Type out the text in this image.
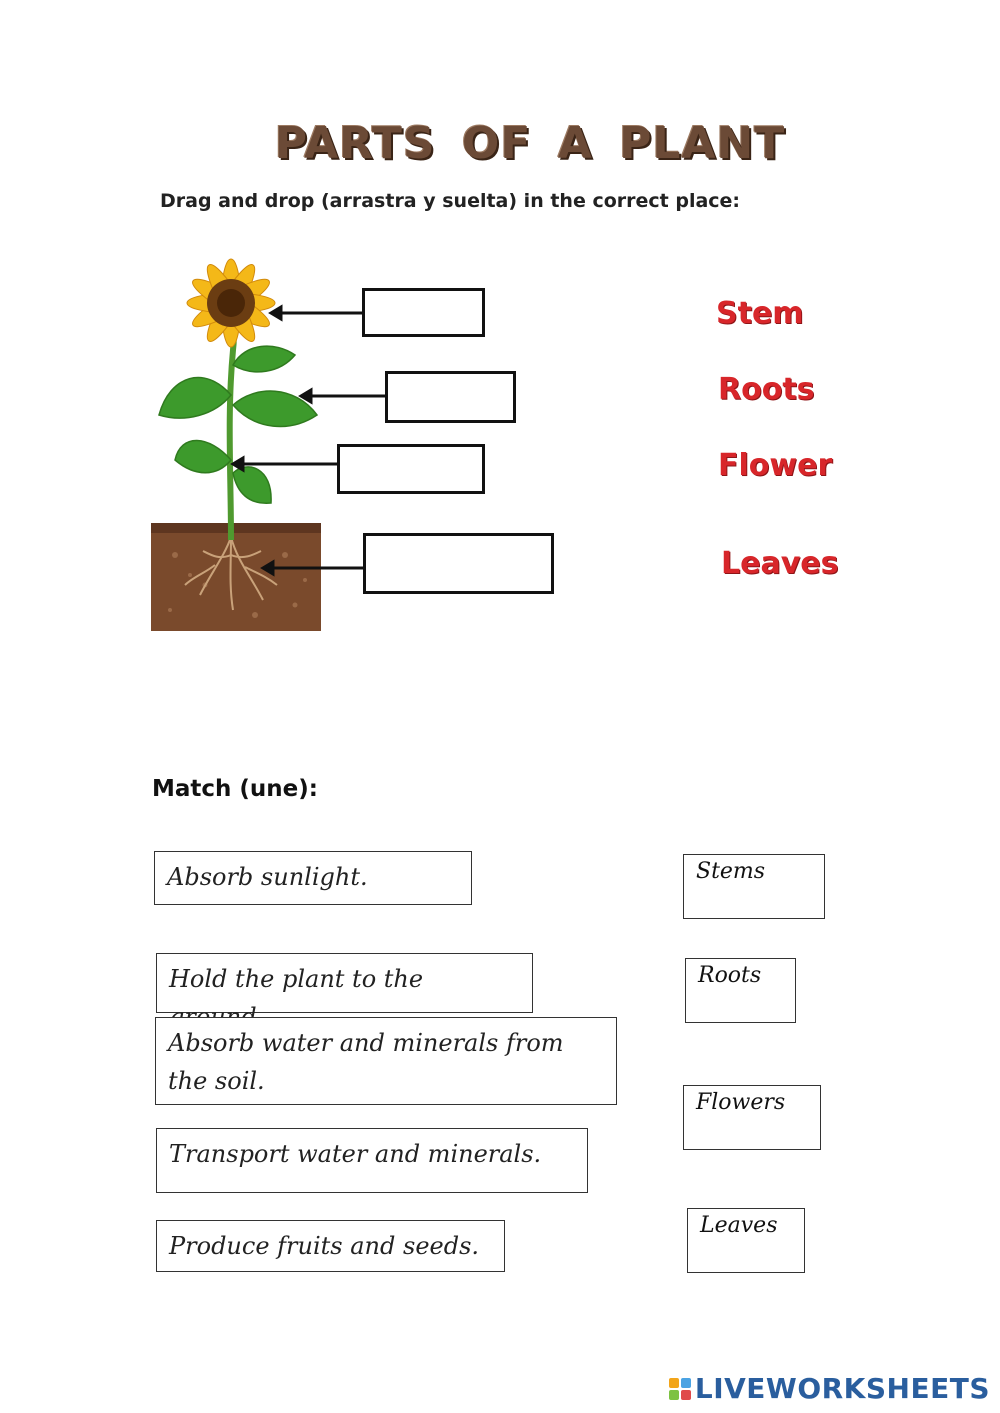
PARTS OF A PLANT
Drag and drop (arrastra y suelta) in the correct place:
Stem
Roots
Flower
Leaves
Match (une):
Absorb sunlight.
Hold the plant to the
Absorb water and minerals from the soil.
Transport water and minerals.
Produce fruits and seeds.
Stems
Roots
Flowers
Leaves
LIVEWORKSHEETS
